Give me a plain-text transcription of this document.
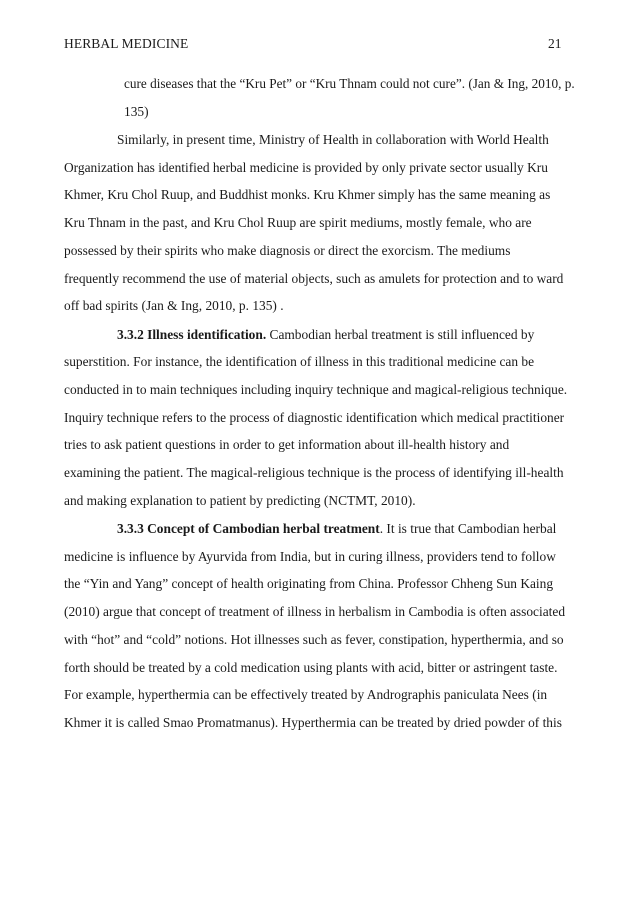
HERBAL MEDICINE	21
cure diseases that the “Kru Pet” or “Kru Thnam could not cure”. (Jan & Ing, 2010, p.
135)
Similarly, in present time, Ministry of Health in collaboration with World Health
Organization has identified herbal medicine is provided by only private sector usually Kru
Khmer, Kru Chol Ruup, and Buddhist monks. Kru Khmer simply has the same meaning as
Kru Thnam in the past, and Kru Chol Ruup are spirit mediums, mostly female, who are
possessed by their spirits who make diagnosis or direct the exorcism. The mediums
frequently recommend the use of material objects, such as amulets for protection and to ward
off bad spirits (Jan & Ing, 2010, p. 135) .
3.3.2 Illness identification. Cambodian herbal treatment is still influenced by
superstition. For instance, the identification of illness in this traditional medicine can be
conducted in to main techniques including inquiry technique and magical-religious technique.
Inquiry technique refers to the process of diagnostic identification which medical practitioner
tries to ask patient questions in order to get information about ill-health history and
examining the patient. The magical-religious technique is the process of identifying ill-health
and making explanation to patient by predicting (NCTMT, 2010).
3.3.3 Concept of Cambodian herbal treatment. It is true that Cambodian herbal
medicine is influence by Ayurvida from India, but in curing illness, providers tend to follow
the “Yin and Yang” concept of health originating from China. Professor Chheng Sun Kaing
(2010) argue that concept of treatment of illness in herbalism in Cambodia is often associated
with “hot” and “cold” notions. Hot illnesses such as fever, constipation, hyperthermia, and so
forth should be treated by a cold medication using plants with acid, bitter or astringent taste.
For example, hyperthermia can be effectively treated by Andrographis paniculata Nees (in
Khmer it is called Smao Promatmanus). Hyperthermia can be treated by dried powder of this
